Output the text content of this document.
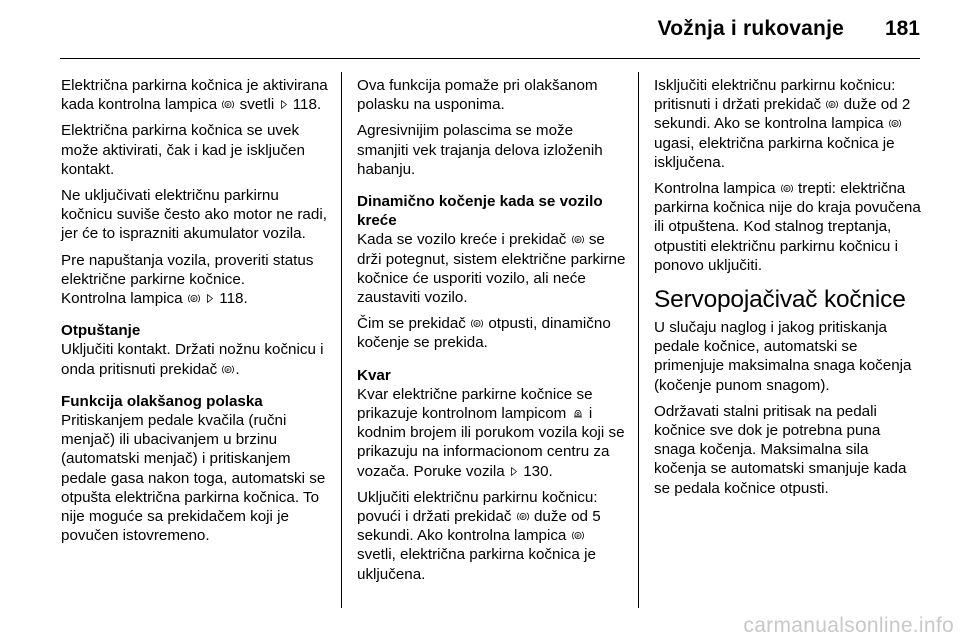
Vožnja i rukovanje 181

Električna parkirna kočnica je aktivirana kada kontrolna lampica svetli 118.

Električna parkirna kočnica se uvek može aktivirati, čak i kad je isključen kontakt.

Ne uključivati električnu parkirnu kočnicu suviše često ako motor ne radi, jer će to isprazniti akumulator vozila.

Pre napuštanja vozila, proveriti status električne parkirne kočnice.
Kontrolna lampica 118.

Otpuštanje

Uključiti kontakt. Držati nožnu kočnicu i onda pritisnuti prekidač .

Funkcija olakšanog polaska

Pritiskanjem pedale kvačila (ručni menjač) ili ubacivanjem u brzinu (automatski menjač) i pritiskanjem pedale gasa nakon toga, automatski se otpušta električna parkirna kočnica. To nije moguće sa prekidačem koji je povučen istovremeno.

Ova funkcija pomaže pri olakšanom polasku na usponima.

Agresivnijim polascima se može smanjiti vek trajanja delova izloženih habanju.

Dinamično kočenje kada se vozilo kreće

Kada se vozilo kreće i prekidač se drži potegnut, sistem električne parkirne kočnice će usporiti vozilo, ali neće zaustaviti vozilo.

Čim se prekidač otpusti, dinamično kočenje se prekida.

Kvar

Kvar električne parkirne kočnice se prikazuje kontrolnom lampicom i kodnim brojem ili porukom vozila koji se prikazuju na informacionom centru za vozača. Poruke vozila 130.

Uključiti električnu parkirnu kočnicu: povući i držati prekidač duže od 5 sekundi. Ako kontrolna lampica  svetli, električna parkirna kočnica je uključena.

Isključiti električnu parkirnu kočnicu: pritisnuti i držati prekidač duže od 2 sekundi. Ako se kontrolna lampica  ugasi, električna parkirna kočnica je isključena.

Kontrolna lampica trepti: električna parkirna kočnica nije do kraja povučena ili otpuštena. Kod stalnog treptanja, otpustiti električnu parkirnu kočnicu i ponovo uključiti.

Servopojačivač kočnice

U slučaju naglog i jakog pritiskanja pedale kočnice, automatski se primenjuje maksimalna snaga kočenja (kočenje punom snagom).

Održavati stalni pritisak na pedali kočnice sve dok je potrebna puna snaga kočenja. Maksimalna sila kočenja se automatski smanjuje kada se pedala kočnice otpusti.

carmanualsonline.info
